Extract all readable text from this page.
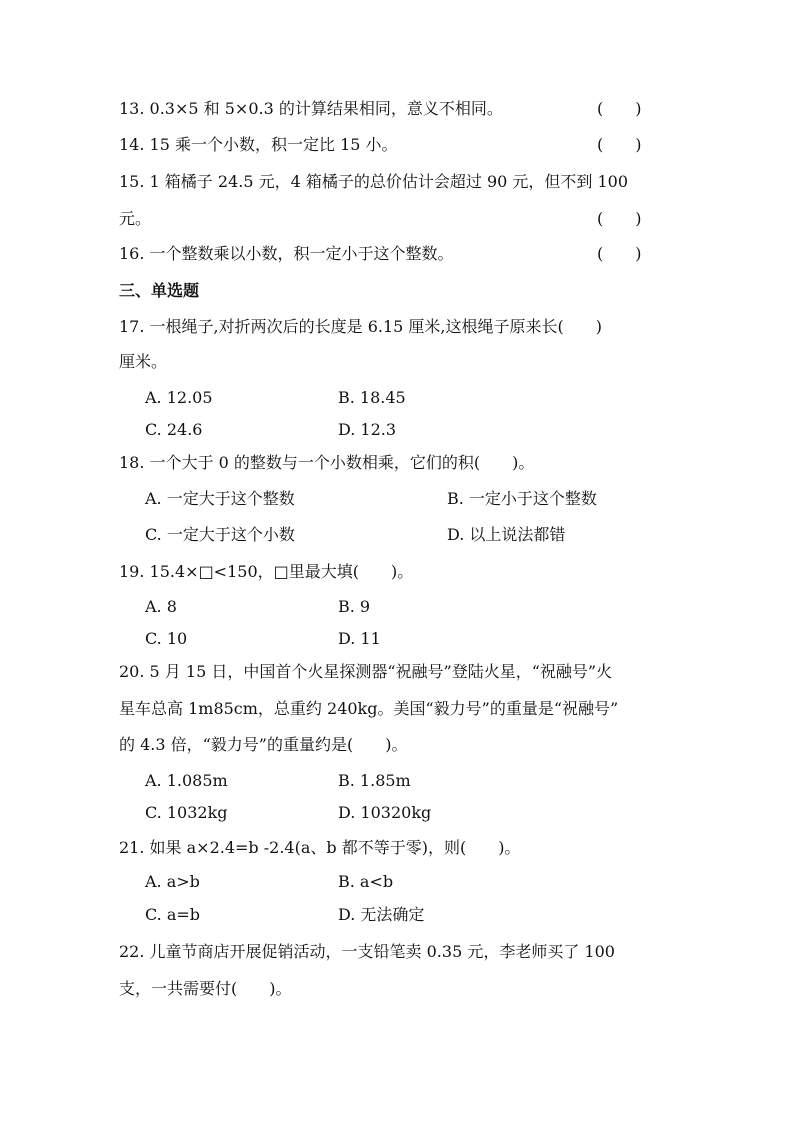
13. 0.3×5 和 5×0.3 的计算结果相同，意义不相同。	(　　)
14. 15 乘一个小数，积一定比 15 小。	(　　)
15. 1 箱橘子 24.5 元，4 箱橘子的总价估计会超过 90 元，但不到 100
元。	(　　)
16. 一个整数乘以小数，积一定小于这个整数。	(　　)
三、单选题
17. 一根绳子,对折两次后的长度是 6.15 厘米,这根绳子原来长(　　)
厘米。
A. 12.05	B. 18.45
C. 24.6	D. 12.3
18. 一个大于 0 的整数与一个小数相乘，它们的积(　　)。
A. 一定大于这个整数	B. 一定小于这个整数
C. 一定大于这个小数	D. 以上说法都错
19. 15.4×□<150，□里最大填(　　)。
A. 8	B. 9
C. 10	D. 11
20. 5 月 15 日，中国首个火星探测器“祝融号”登陆火星，“祝融号”火
星车总高 1m85cm，总重约 240kg。美国“毅力号”的重量是“祝融号”
的 4.3 倍，“毅力号”的重量约是(　　)。
A. 1.085m	B. 1.85m
C. 1032kg	D. 10320kg
21. 如果 a×2.4=b -2.4(a、b 都不等于零)，则(　　)。
A. a>b	B. a<b
C. a=b	D. 无法确定
22. 儿童节商店开展促销活动，一支铅笔卖 0.35 元，李老师买了 100
支，一共需要付(　　)。
